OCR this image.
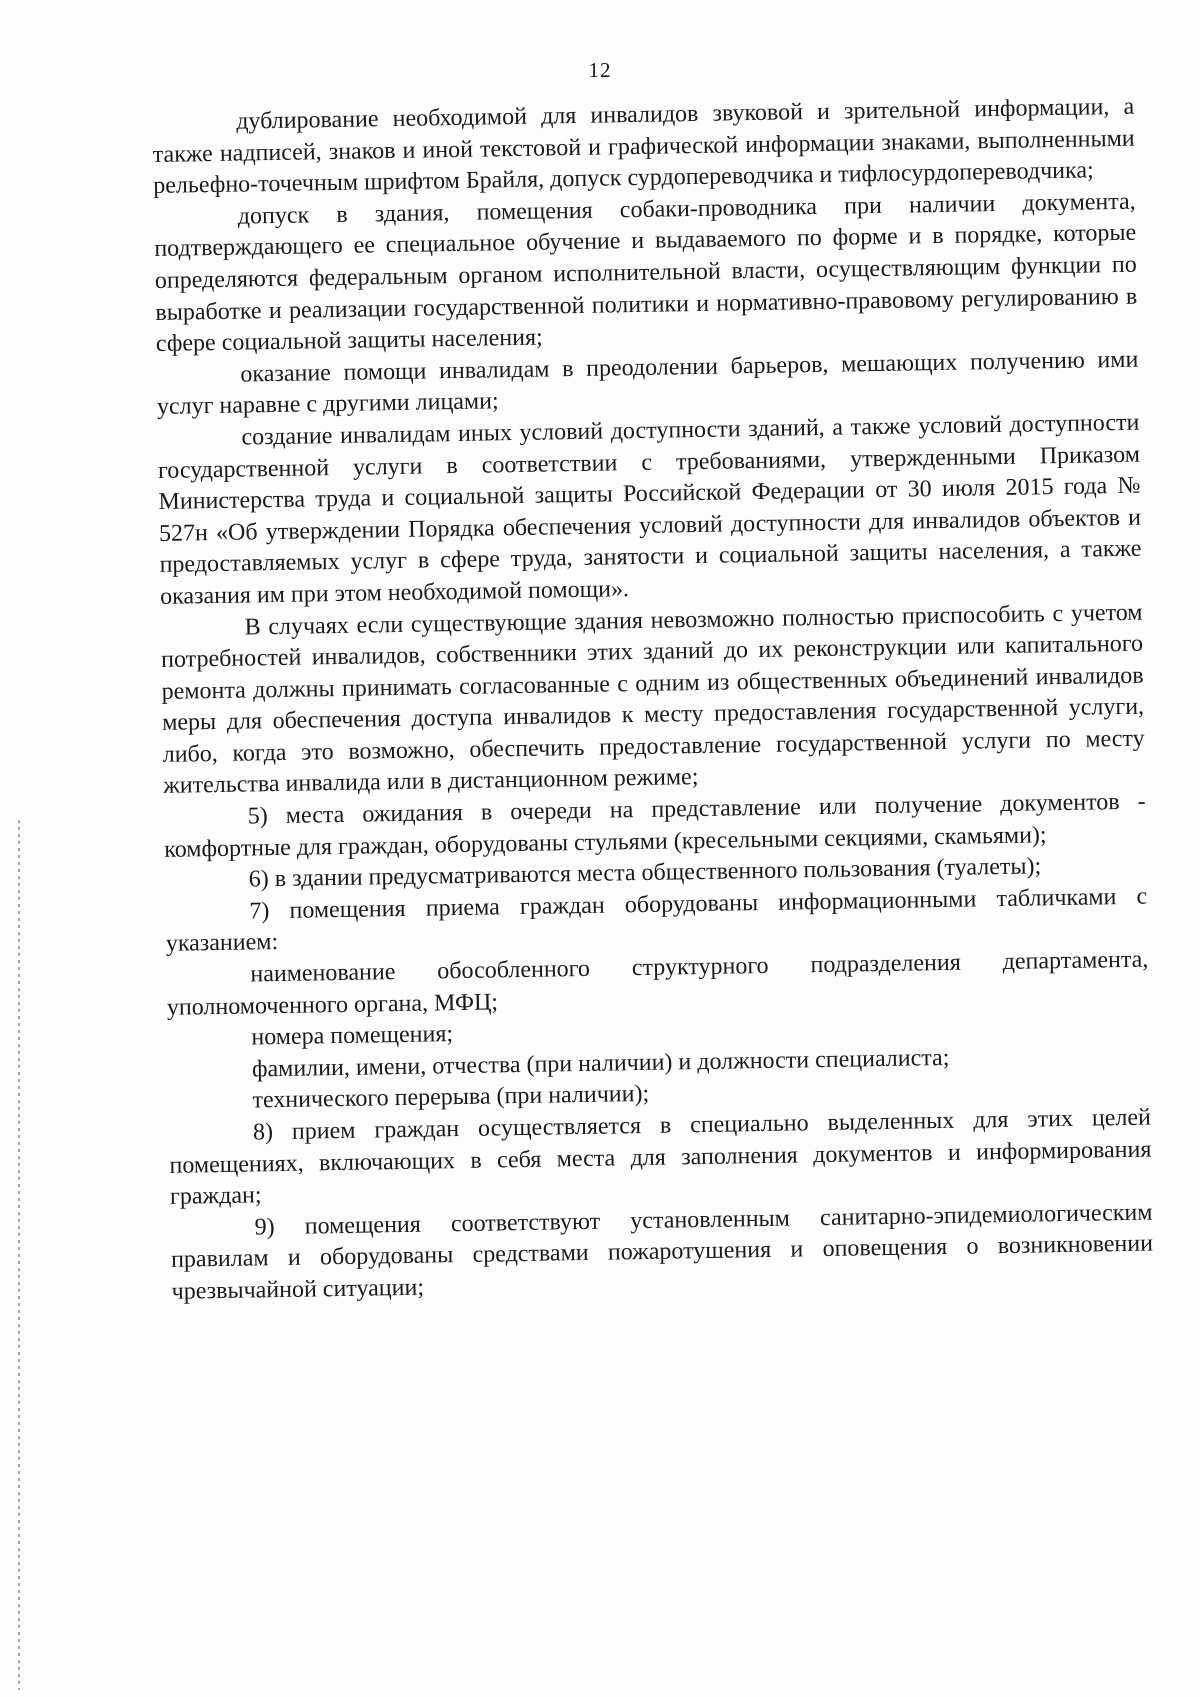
12

дублирование необходимой для инвалидов звуковой и зрительной информации, а также надписей, знаков и иной текстовой и графической информации знаками, выполненными рельефно-точечным шрифтом Брайля, допуск сурдопереводчика и тифлосурдопереводчика;

допуск в здания, помещения собаки-проводника при наличии документа, подтверждающего ее специальное обучение и выдаваемого по форме и в порядке, которые определяются федеральным органом исполнительной власти, осуществляющим функции по выработке и реализации государственной политики и нормативно-правовому регулированию в сфере социальной защиты населения;

оказание помощи инвалидам в преодолении барьеров, мешающих получению ими услуг наравне с другими лицами;

создание инвалидам иных условий доступности зданий, а также условий доступности государственной услуги в соответствии с требованиями, утвержденными Приказом Министерства труда и социальной защиты Российской Федерации от 30 июля 2015 года № 527н «Об утверждении Порядка обеспечения условий доступности для инвалидов объектов и предоставляемых услуг в сфере труда, занятости и социальной защиты населения, а также оказания им при этом необходимой помощи».

В случаях если существующие здания невозможно полностью приспособить с учетом потребностей инвалидов, собственники этих зданий до их реконструкции или капитального ремонта должны принимать согласованные с одним из общественных объединений инвалидов меры для обеспечения доступа инвалидов к месту предоставления государственной услуги, либо, когда это возможно, обеспечить предоставление государственной услуги по месту жительства инвалида или в дистанционном режиме;

5) места ожидания в очереди на представление или получение документов - комфортные для граждан, оборудованы стульями (кресельными секциями, скамьями);

6) в здании предусматриваются места общественного пользования (туалеты);

7) помещения приема граждан оборудованы информационными табличками с указанием:

наименование обособленного структурного подразделения департамента, уполномоченного органа, МФЦ;

номера помещения;

фамилии, имени, отчества (при наличии) и должности специалиста;

технического перерыва (при наличии);

8) прием граждан осуществляется в специально выделенных для этих целей помещениях, включающих в себя места для заполнения документов и информирования граждан;

9) помещения соответствуют установленным санитарно-эпидемиологическим правилам и оборудованы средствами пожаротушения и оповещения о возникновении чрезвычайной ситуации;
